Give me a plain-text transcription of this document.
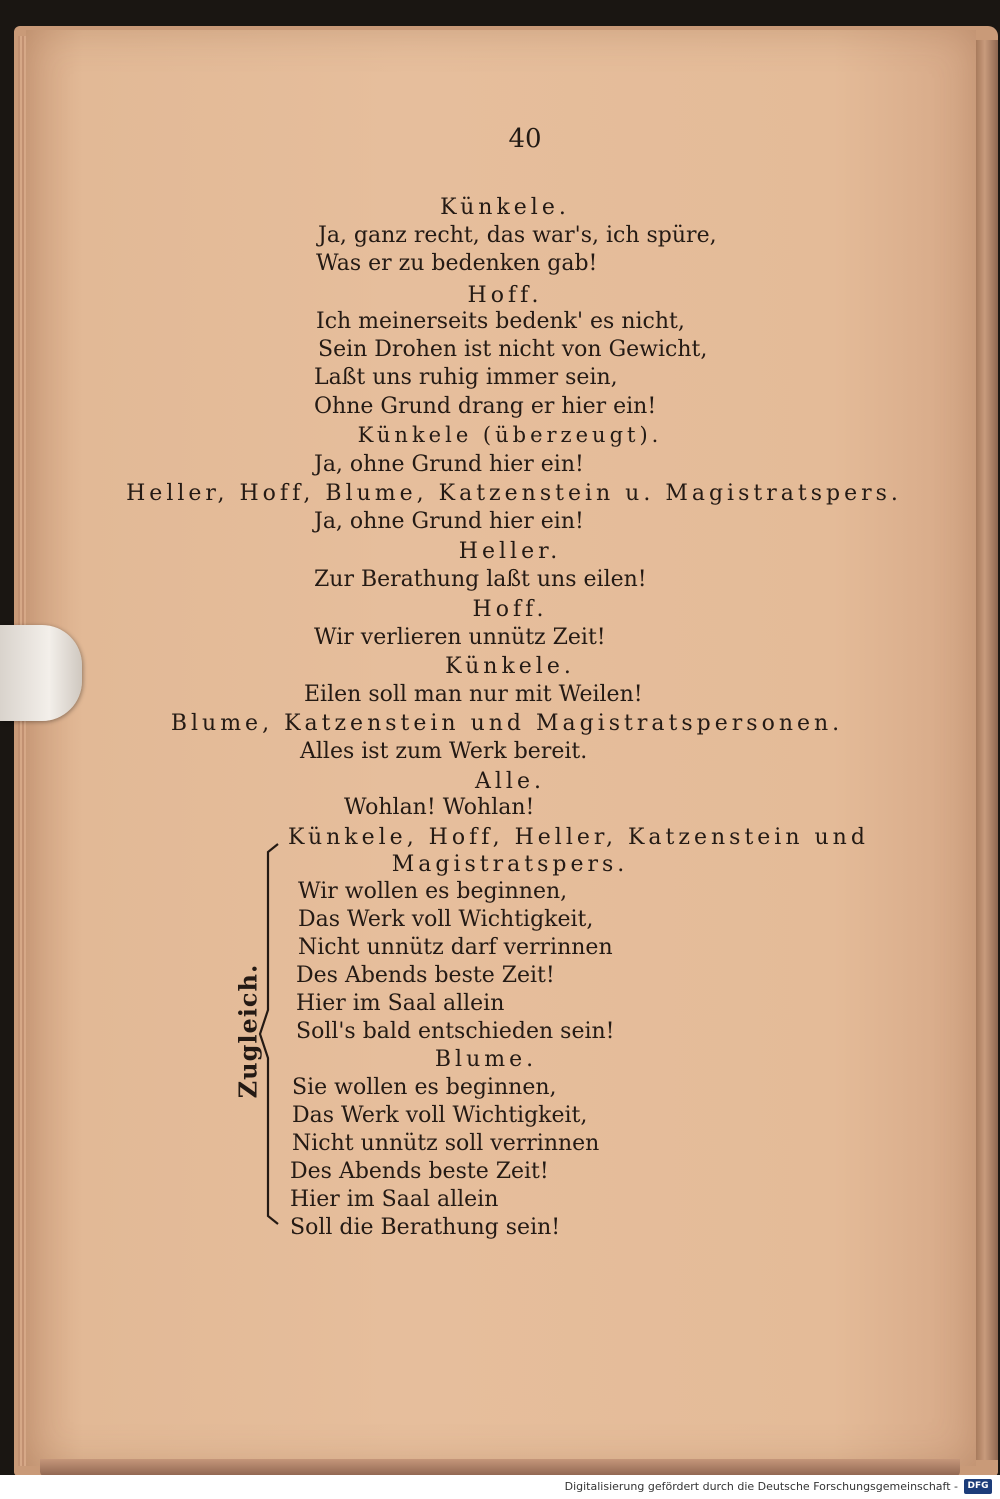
40
Künkele.
Ja, ganz recht, das war's, ich spüre,
Was er zu bedenken gab!
Hoff.
Ich meinerseits bedenk' es nicht,
Sein Drohen ist nicht von Gewicht,
Laßt uns ruhig immer sein,
Ohne Grund drang er hier ein!
Künkele (überzeugt).
Ja, ohne Grund hier ein!
Heller, Hoff, Blume, Katzenstein u. Magistratspers.
Ja, ohne Grund hier ein!
Heller.
Zur Berathung laßt uns eilen!
Hoff.
Wir verlieren unnütz Zeit!
Künkele.
Eilen soll man nur mit Weilen!
Blume, Katzenstein und Magistratspersonen.
Alles ist zum Werk bereit.
Alle.
Wohlan! Wohlan!
Künkele, Hoff, Heller, Katzenstein und
Magistratspers.
Wir wollen es beginnen,
Das Werk voll Wichtigkeit,
Nicht unnütz darf verrinnen
Des Abends beste Zeit!
Hier im Saal allein
Soll's bald entschieden sein!
Blume.
Sie wollen es beginnen,
Das Werk voll Wichtigkeit,
Nicht unnütz soll verrinnen
Des Abends beste Zeit!
Hier im Saal allein
Soll die Berathung sein!
Zugleich.
Digitalisierung gefördert durch die Deutsche Forschungsgemeinschaft -	DFG
